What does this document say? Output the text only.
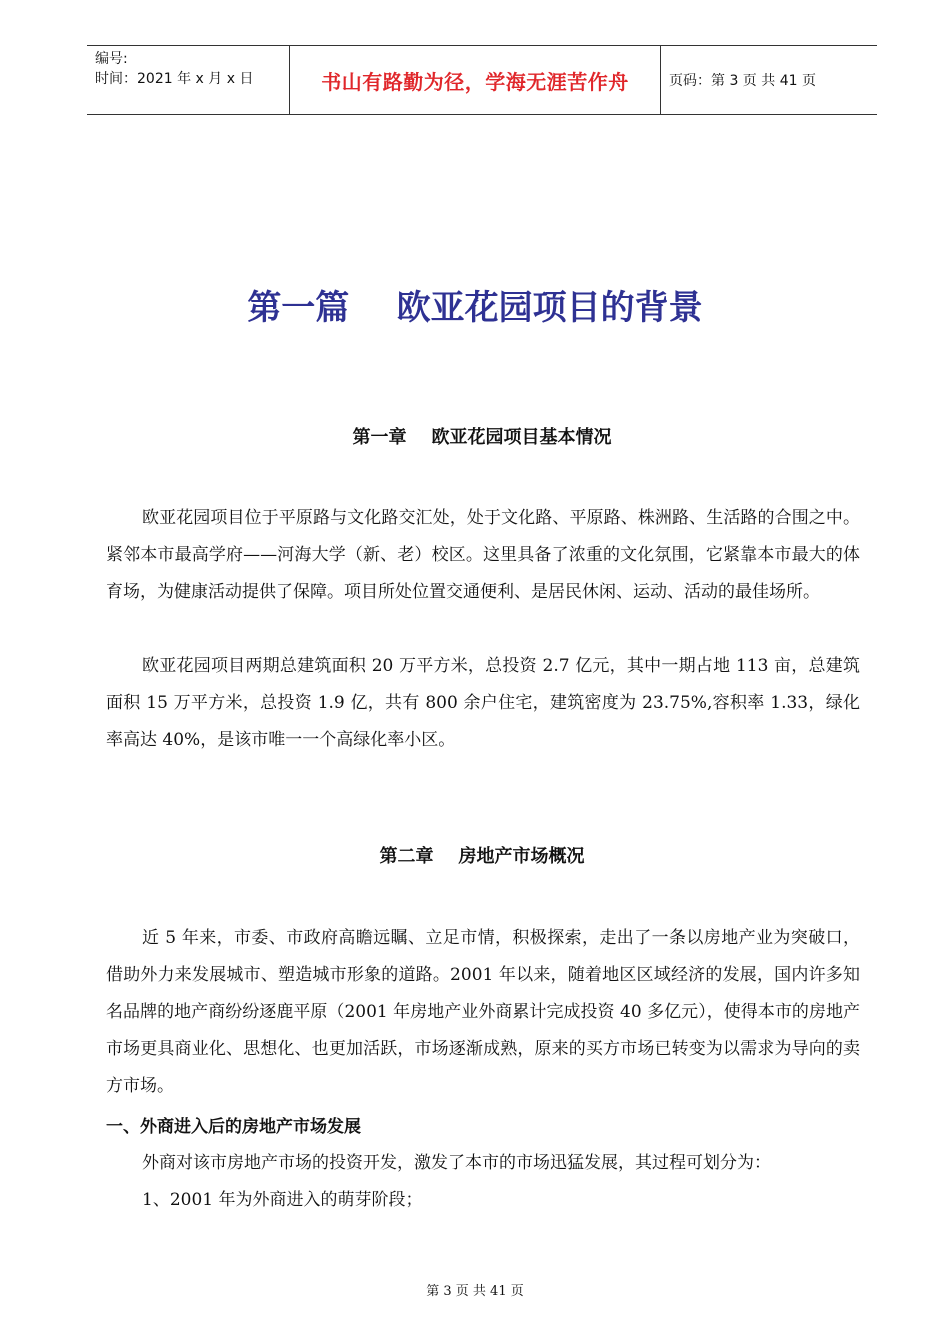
编号:
时间：2021 年 x 月 x 日	书山有路勤为径，学海无涯苦作舟	页码：第 3 页 共 41 页
第一篇    欧亚花园项目的背景
第一章    欧亚花园项目基本情况

欧亚花园项目位于平原路与文化路交汇处，处于文化路、平原路、株洲路、生活路的合围之中。紧邻本市最高学府——河海大学（新、老）校区。这里具备了浓重的文化氛围，它紧靠本市最大的体育场，为健康活动提供了保障。项目所处位置交通便利、是居民休闲、运动、活动的最佳场所。

欧亚花园项目两期总建筑面积 20 万平方米，总投资 2.7 亿元，其中一期占地 113 亩，总建筑面积 15 万平方米，总投资 1.9 亿，共有 800 余户住宅，建筑密度为 23.75%,容积率 1.33，绿化率高达 40%，是该市唯一一个高绿化率小区。

第二章    房地产市场概况

近 5 年来，市委、市政府高瞻远瞩、立足市情，积极探索，走出了一条以房地产业为突破口，借助外力来发展城市、塑造城市形象的道路。2001 年以来，随着地区区域经济的发展，国内许多知名品牌的地产商纷纷逐鹿平原（2001 年房地产业外商累计完成投资 40 多亿元），使得本市的房地产市场更具商业化、思想化、也更加活跃，市场逐渐成熟，原来的买方市场已转变为以需求为导向的卖方市场。

一、外商进入后的房地产市场发展
外商对该市房地产市场的投资开发，激发了本市的市场迅猛发展，其过程可划分为：
1、2001 年为外商进入的萌芽阶段；
第 3 页 共 41 页
